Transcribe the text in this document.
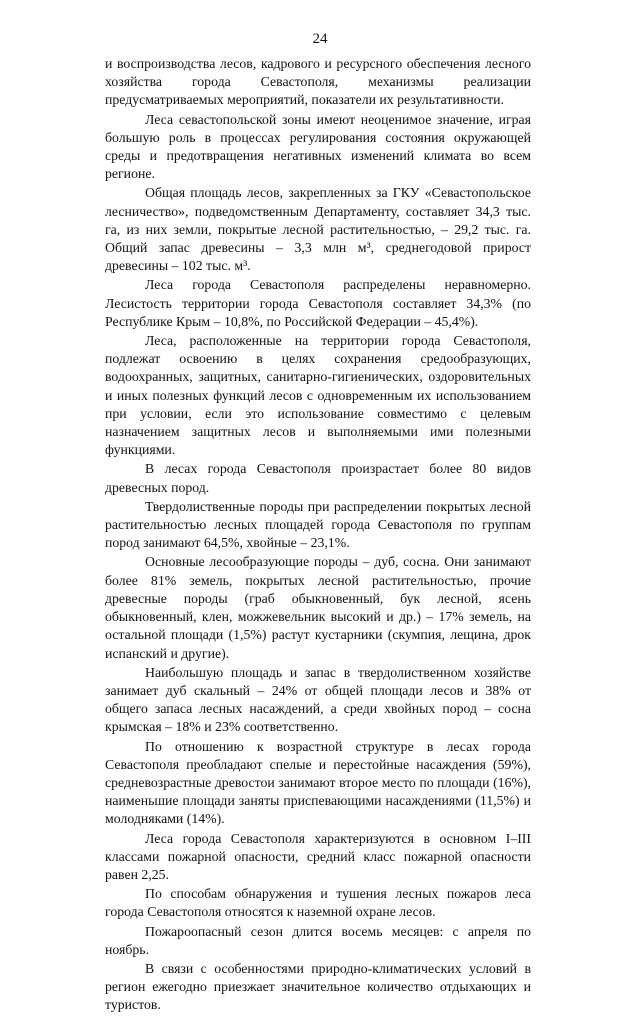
24

и воспроизводства лесов, кадрового и ресурсного обеспечения лесного хозяйства города Севастополя, механизмы реализации предусматриваемых мероприятий, показатели их результативности.

Леса севастопольской зоны имеют неоценимое значение, играя большую роль в процессах регулирования состояния окружающей среды и предотвращения негативных изменений климата во всем регионе.

Общая площадь лесов, закрепленных за ГКУ «Севастопольское лесничество», подведомственным Департаменту, составляет 34,3 тыс. га, из них земли, покрытые лесной растительностью, – 29,2 тыс. га. Общий запас древесины – 3,3 млн м³, среднегодовой прирост древесины – 102 тыс. м³.

Леса города Севастополя распределены неравномерно. Лесистость территории города Севастополя составляет 34,3% (по Республике Крым – 10,8%, по Российской Федерации – 45,4%).

Леса, расположенные на территории города Севастополя, подлежат освоению в целях сохранения средообразующих, водоохранных, защитных, санитарно-гигиенических, оздоровительных и иных полезных функций лесов с одновременным их использованием при условии, если это использование совместимо с целевым назначением защитных лесов и выполняемыми ими полезными функциями.

В лесах города Севастополя произрастает более 80 видов древесных пород.

Твердолиственные породы при распределении покрытых лесной растительностью лесных площадей города Севастополя по группам пород занимают 64,5%, хвойные – 23,1%.

Основные лесообразующие породы – дуб, сосна. Они занимают более 81% земель, покрытых лесной растительностью, прочие древесные породы (граб обыкновенный, бук лесной, ясень обыкновенный, клен, можжевельник высокий и др.) – 17% земель, на остальной площади (1,5%) растут кустарники (скумпия, лещина, дрок испанский и другие).

Наибольшую площадь и запас в твердолиственном хозяйстве занимает дуб скальный – 24% от общей площади лесов и 38% от общего запаса лесных насаждений, а среди хвойных пород – сосна крымская – 18% и 23% соответственно.

По отношению к возрастной структуре в лесах города Севастополя преобладают спелые и перестойные насаждения (59%), средневозрастные древостои занимают второе место по площади (16%), наименьшие площади заняты приспевающими насаждениями (11,5%) и молодняками (14%).

Леса города Севастополя характеризуются в основном I–III классами пожарной опасности, средний класс пожарной опасности равен 2,25.

По способам обнаружения и тушения лесных пожаров леса города Севастополя относятся к наземной охране лесов.

Пожароопасный сезон длится восемь месяцев: с апреля по ноябрь.

В связи с особенностями природно-климатических условий в регион ежегодно приезжает значительное количество отдыхающих и туристов.
